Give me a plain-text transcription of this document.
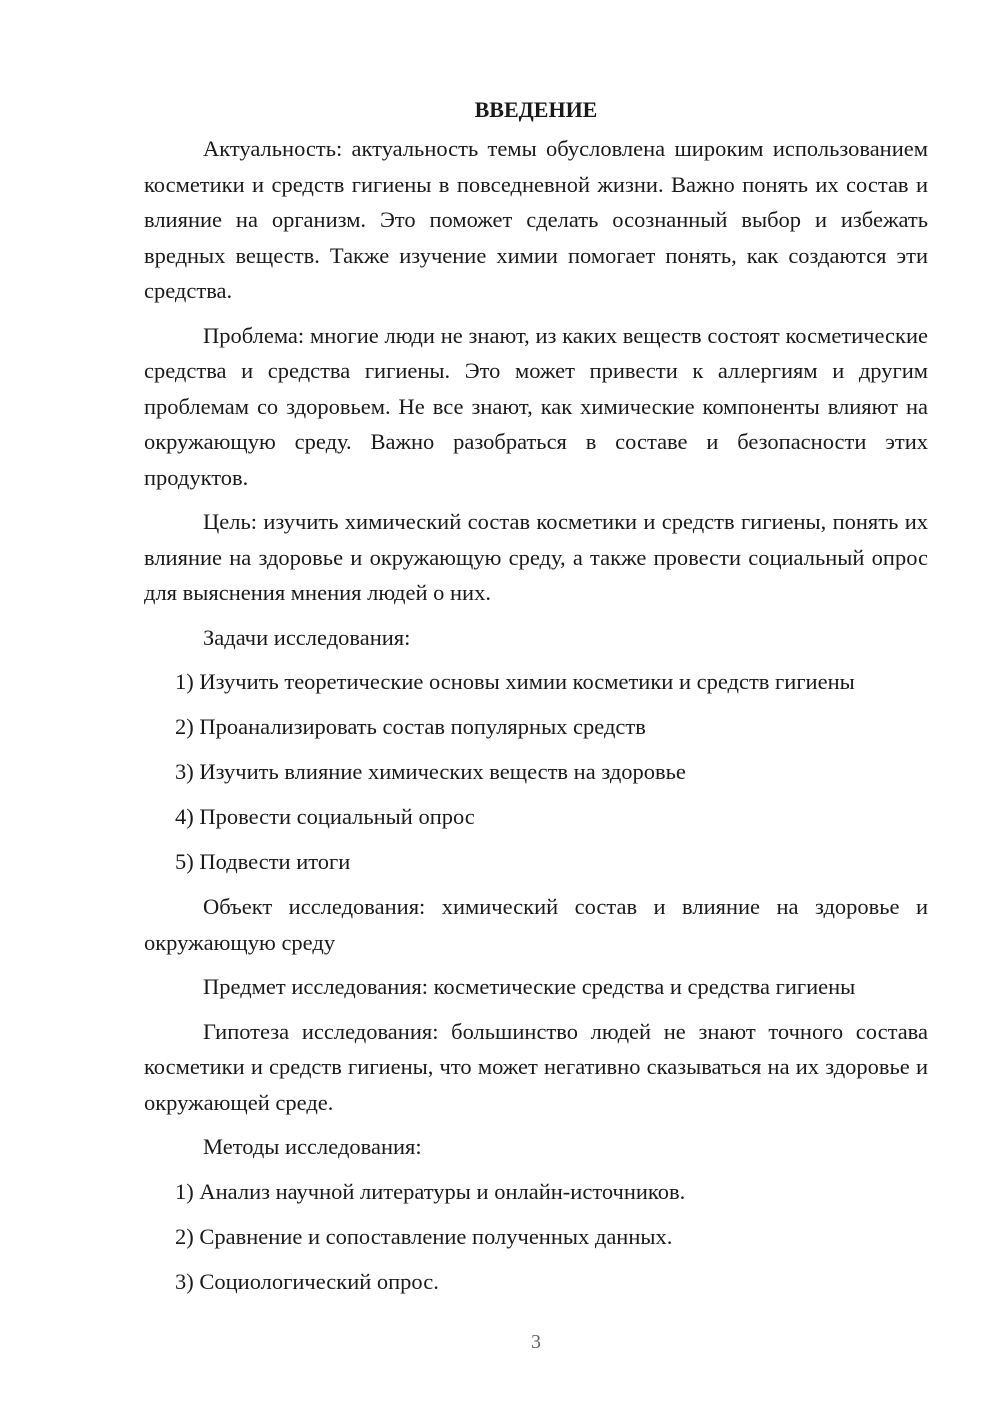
ВВЕДЕНИЕ

Актуальность: актуальность темы обусловлена широким использованием косметики и средств гигиены в повседневной жизни. Важно понять их состав и влияние на организм. Это поможет сделать осознанный выбор и избежать вредных веществ. Также изучение химии помогает понять, как создаются эти средства.

Проблема: многие люди не знают, из каких веществ состоят косметические средства и средства гигиены. Это может привести к аллергиям и другим проблемам со здоровьем. Не все знают, как химические компоненты влияют на окружающую среду. Важно разобраться в составе и безопасности этих продуктов.

Цель: изучить химический состав косметики и средств гигиены, понять их влияние на здоровье и окружающую среду, а также провести социальный опрос для выяснения мнения людей о них.

Задачи исследования:

1) Изучить теоретические основы химии косметики и средств гигиены
2) Проанализировать состав популярных средств
3) Изучить влияние химических веществ на здоровье
4) Провести социальный опрос
5) Подвести итоги

Объект исследования: химический состав и влияние на здоровье и окружающую среду

Предмет исследования: косметические средства и средства гигиены

Гипотеза исследования: большинство людей не знают точного состава косметики и средств гигиены, что может негативно сказываться на их здоровье и окружающей среде.

Методы исследования:

1) Анализ научной литературы и онлайн-источников.
2) Сравнение и сопоставление полученных данных.
3) Социологический опрос.
3
